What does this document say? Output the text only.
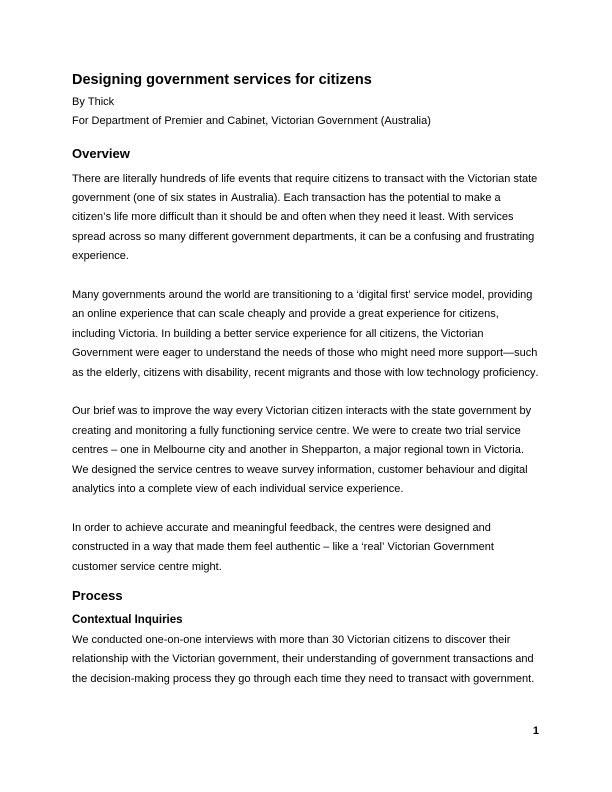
Designing government services for citizens
By Thick
For Department of Premier and Cabinet, Victorian Government (Australia)
Overview
There are literally hundreds of life events that require citizens to transact with the Victorian state
government (one of six states in Australia). Each transaction has the potential to make a
citizen’s life more difficult than it should be and often when they need it least. With services
spread across so many different government departments, it can be a confusing and frustrating
experience.
Many governments around the world are transitioning to a ‘digital first’ service model, providing
an online experience that can scale cheaply and provide a great experience for citizens,
including Victoria. In building a better service experience for all citizens, the Victorian
Government were eager to understand the needs of those who might need more support—such
as the elderly, citizens with disability, recent migrants and those with low technology proficiency.
Our brief was to improve the way every Victorian citizen interacts with the state government by
creating and monitoring a fully functioning service centre. We were to create two trial service
centres – one in Melbourne city and another in Shepparton, a major regional town in Victoria.
We designed the service centres to weave survey information, customer behaviour and digital
analytics into a complete view of each individual service experience.
In order to achieve accurate and meaningful feedback, the centres were designed and
constructed in a way that made them feel authentic – like a ‘real’ Victorian Government
customer service centre might.
Process
Contextual Inquiries
We conducted one-on-one interviews with more than 30 Victorian citizens to discover their
relationship with the Victorian government, their understanding of government transactions and
the decision-making process they go through each time they need to transact with government.
1
